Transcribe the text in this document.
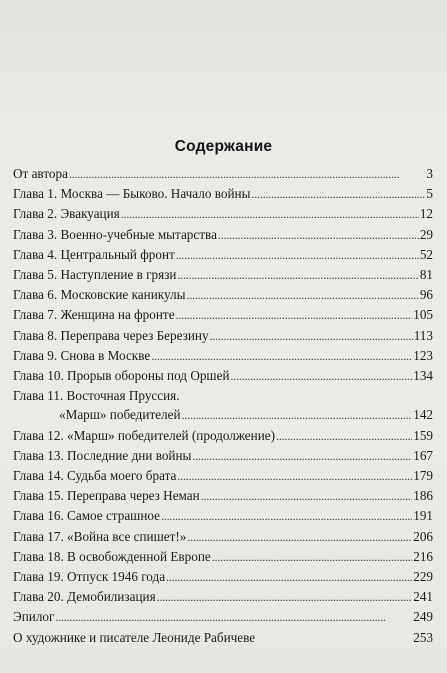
Содержание
От автора . . .	3
Глава 1. Москва — Быково. Начало войны . . .	5
Глава 2. Эвакуация . . .	12
Глава 3. Военно-учебные мытарства . . .	29
Глава 4. Центральный фронт . . .	52
Глава 5. Наступление в грязи . . .	81
Глава 6. Московские каникулы . . .	96
Глава 7. Женщина на фронте . . .	105
Глава 8. Переправа через Березину . . .	113
Глава 9. Снова в Москве . . .	123
Глава 10. Прорыв обороны под Оршей . . .	134
Глава 11. Восточная Пруссия.
«Марш» победителей . . .	142
Глава 12. «Марш» победителей (продолжение) . . .	159
Глава 13. Последние дни войны . . .	167
Глава 14. Судьба моего брата . . .	179
Глава 15. Переправа через Неман . . .	186
Глава 16. Самое страшное . . .	191
Глава 17. «Война все спишет!» . . .	206
Глава 18. В освобожденной Европе . . .	216
Глава 19. Отпуск 1946 года . . .	229
Глава 20. Демобилизация . . .	241
Эпилог . . .	249
О художнике и писателе Леониде Рабичеве	253
